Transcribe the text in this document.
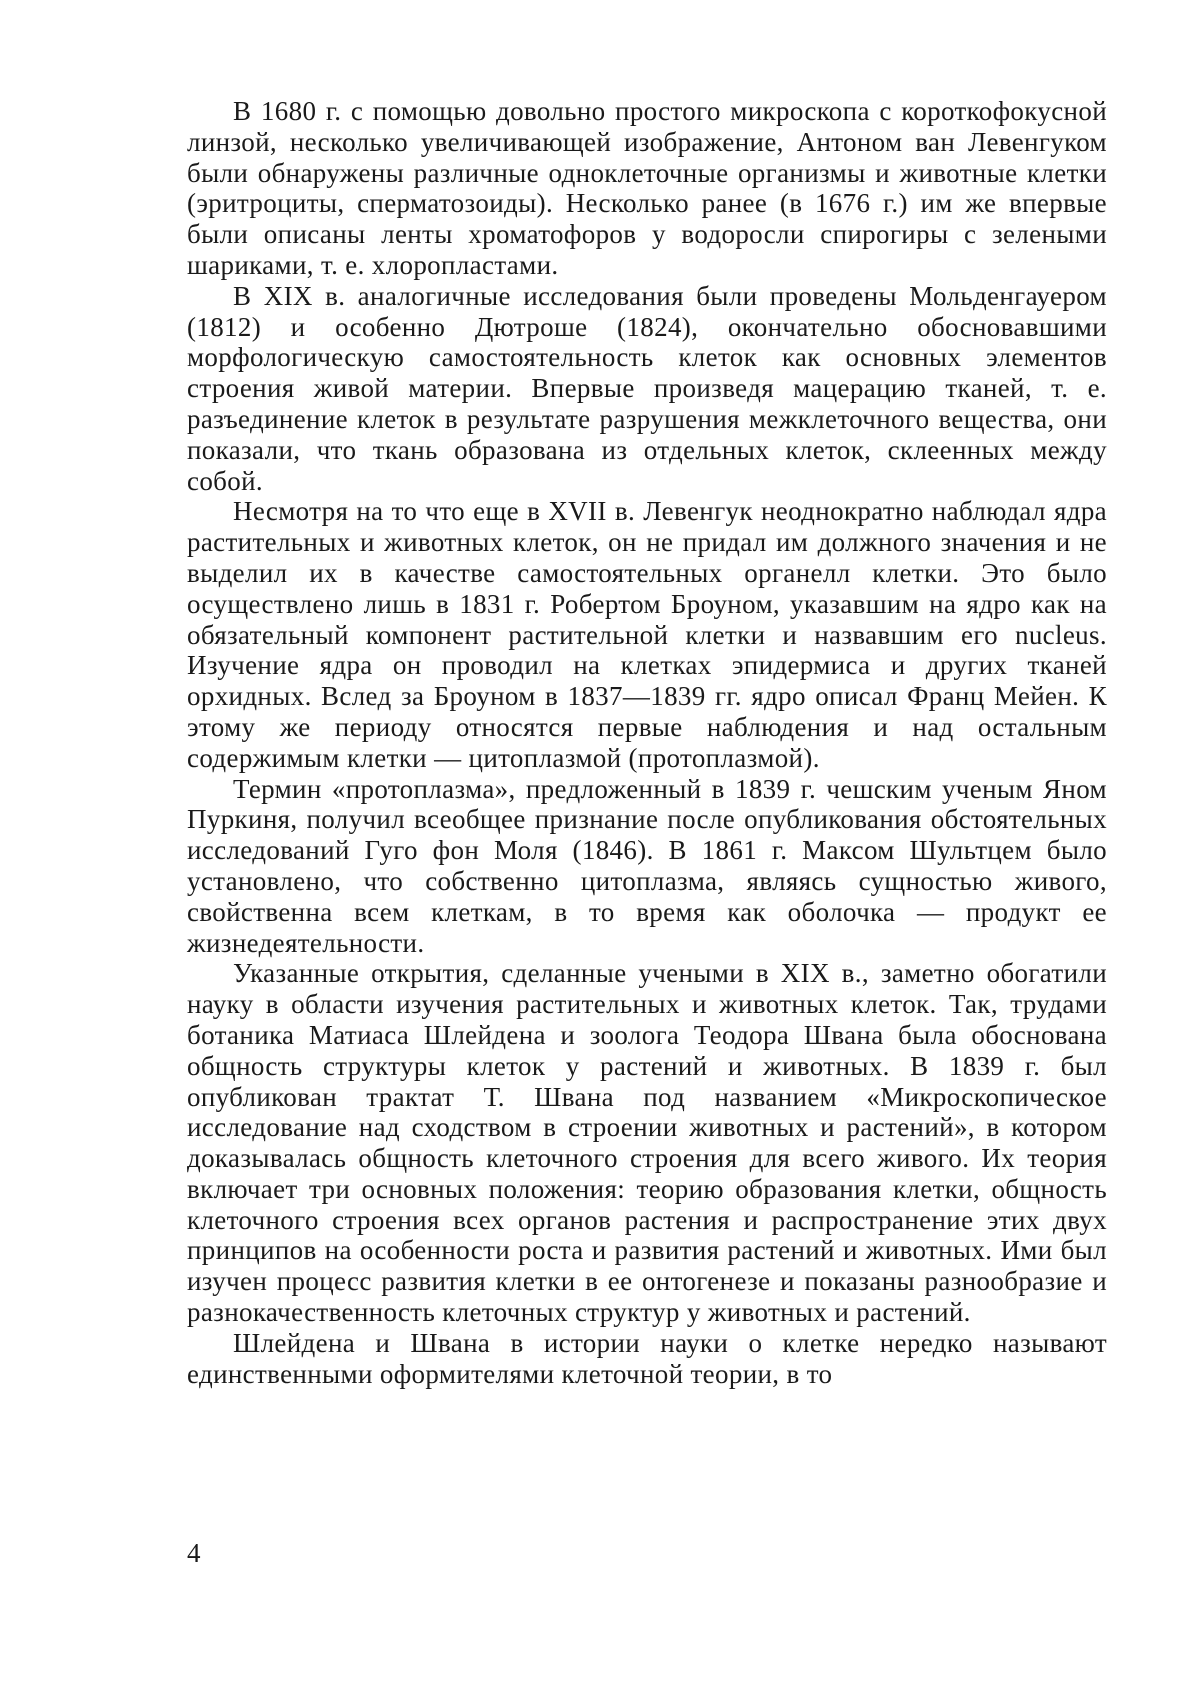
В 1680 г. с помощью довольно простого микроскопа с короткофокусной линзой, несколько увеличивающей изображение, Антоном ван Левенгуком были обнаружены различные одноклеточные организмы и животные клетки (эритроциты, сперматозоиды). Несколько ранее (в 1676 г.) им же впервые были описаны ленты хроматофоров у водоросли спирогиры с зелеными шариками, т. е. хлоропластами.

В XIX в. аналогичные исследования были проведены Мольденгауером (1812) и особенно Дютроше (1824), окончательно обосновавшими морфологическую самостоятельность клеток как основных элементов строения живой материи. Впервые произведя мацерацию тканей, т. е. разъединение клеток в результате разрушения межклеточного вещества, они показали, что ткань образована из отдельных клеток, склеенных между собой.

Несмотря на то что еще в XVII в. Левенгук неоднократно наблюдал ядра растительных и животных клеток, он не придал им должного значения и не выделил их в качестве самостоятельных органелл клетки. Это было осуществлено лишь в 1831 г. Робертом Броуном, указавшим на ядро как на обязательный компонент растительной клетки и назвавшим его nucleus. Изучение ядра он проводил на клетках эпидермиса и других тканей орхидных. Вслед за Броуном в 1837—1839 гг. ядро описал Франц Мейен. К этому же периоду относятся первые наблюдения и над остальным содержимым клетки — цитоплазмой (протоплазмой).

Термин «протоплазма», предложенный в 1839 г. чешским ученым Яном Пуркиня, получил всеобщее признание после опубликования обстоятельных исследований Гуго фон Моля (1846). В 1861 г. Максом Шультцем было установлено, что собственно цитоплазма, являясь сущностью живого, свойственна всем клеткам, в то время как оболочка — продукт ее жизнедеятельности.

Указанные открытия, сделанные учеными в XIX в., заметно обогатили науку в области изучения растительных и животных клеток. Так, трудами ботаника Матиаса Шлейдена и зоолога Теодора Швана была обоснована общность структуры клеток у растений и животных. В 1839 г. был опубликован трактат Т. Швана под названием «Микроскопическое исследование над сходством в строении животных и растений», в котором доказывалась общность клеточного строения для всего живого. Их теория включает три основных положения: теорию образования клетки, общность клеточного строения всех органов растения и распространение этих двух принципов на особенности роста и развития растений и животных. Ими был изучен процесс развития клетки в ее онтогенезе и показаны разнообразие и разнокачественность клеточных структур у животных и растений.

Шлейдена и Швана в истории науки о клетке нередко называют единственными оформителями клеточной теории, в то

4
